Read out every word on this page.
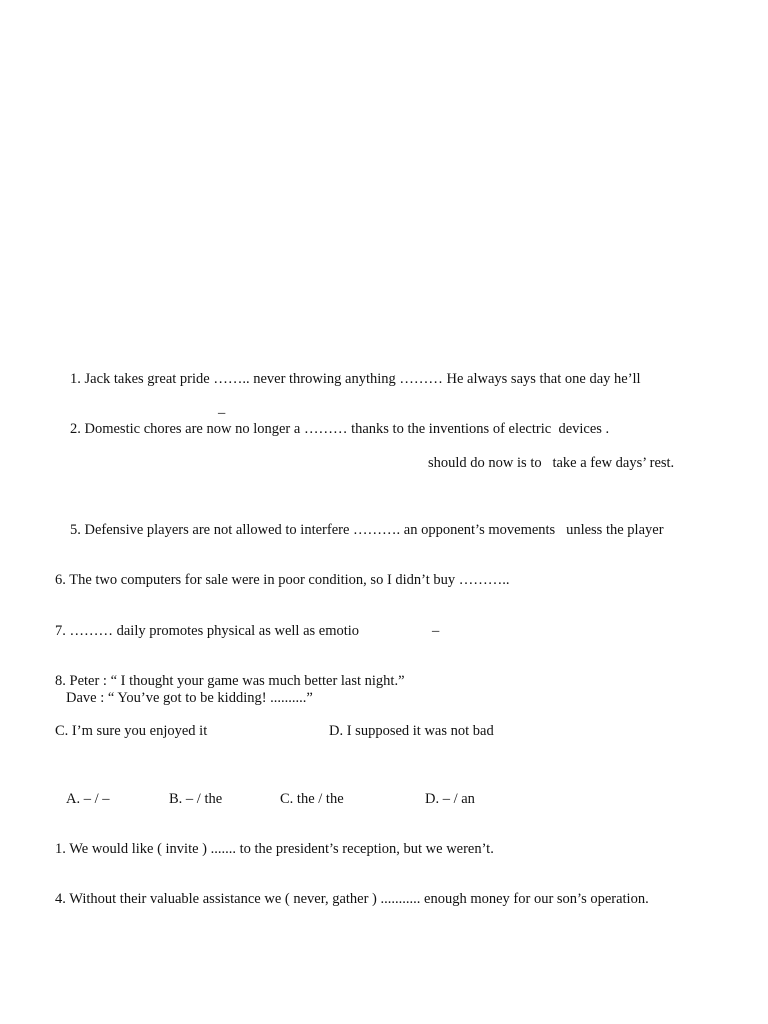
1. Jack takes great pride …….. never throwing anything ……… He always says that one day he’ll
–
2. Domestic chores are now no longer a ……… thanks to the inventions of electric  devices .
should do now is to   take a few days’ rest.
5. Defensive players are not allowed to interfere ………. an opponent’s movements   unless the player
6. The two computers for sale were in poor condition, so I didn’t buy ………..
7. ……… daily promotes physical as well as emotio	–
8. Peter : “ I thought your game was much better last night.”
Dave : “ You’ve got to be kidding! ..........”
C. I’m sure you enjoyed it	D. I supposed it was not bad
A. – / –	B. – / the	C. the / the	D. – / an
1. We would like ( invite ) ....... to the president’s reception, but we weren’t.
4. Without their valuable assistance we ( never, gather ) ........... enough money for our son’s operation.
